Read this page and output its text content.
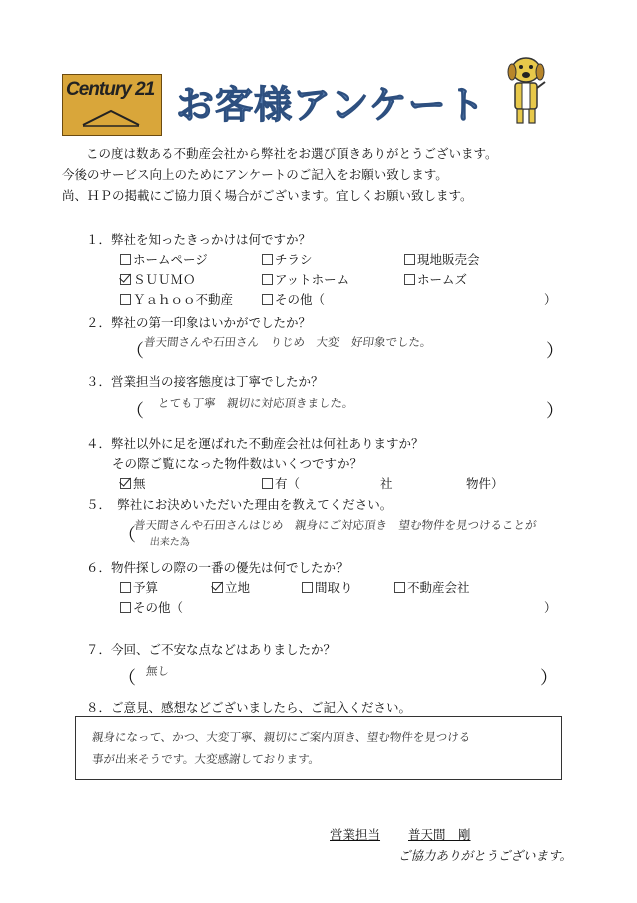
Century 21 お客様アンケート
この度は数ある不動産会社から弊社をお選び頂きありがとうございます。
今後のサービス向上のためにアンケートのご記入をお願い致します。
尚、ＨＰの掲載にご協力頂く場合がございます。宜しくお願い致します。
１．弊社を知ったきっかけは何ですか？
ホームページ	チラシ	現地販売会
ＳＵＵＭＯ	アットホーム	ホームズ
Ｙａｈｏｏ不動産	その他（	）
２．弊社の第一印象はいかがでしたか？
（ 普天間さんや石田さん　りじめ　大変　好印象でした。	）
３．営業担当の接客態度は丁寧でしたか？
（ とても丁寧　親切に対応頂きました。	）
４．弊社以外に足を運ばれた不動産会社は何社ありますか？
その際ご覧になった物件数はいくつですか？
無	有（	社	物件）
５．　弊社にお決めいただいた理由を教えてください。
（
普天間さんや石田さんはじめ　親身にご対応頂き　望む物件を見つけることが
出来た為
６．物件探しの際の一番の優先は何でしたか？
予算	立地	間取り	不動産会社
その他（	）
７．今回、ご不安な点などはありましたか？
（ 無し	）
８．ご意見、感想などございましたら、ご記入ください。
親身になって、かつ、大変丁寧、親切にご案内頂き、望む物件を見つける
事が出来そうです。大変感謝しております。
営業担当 普天間　剛
ご協力ありがとうございます。
